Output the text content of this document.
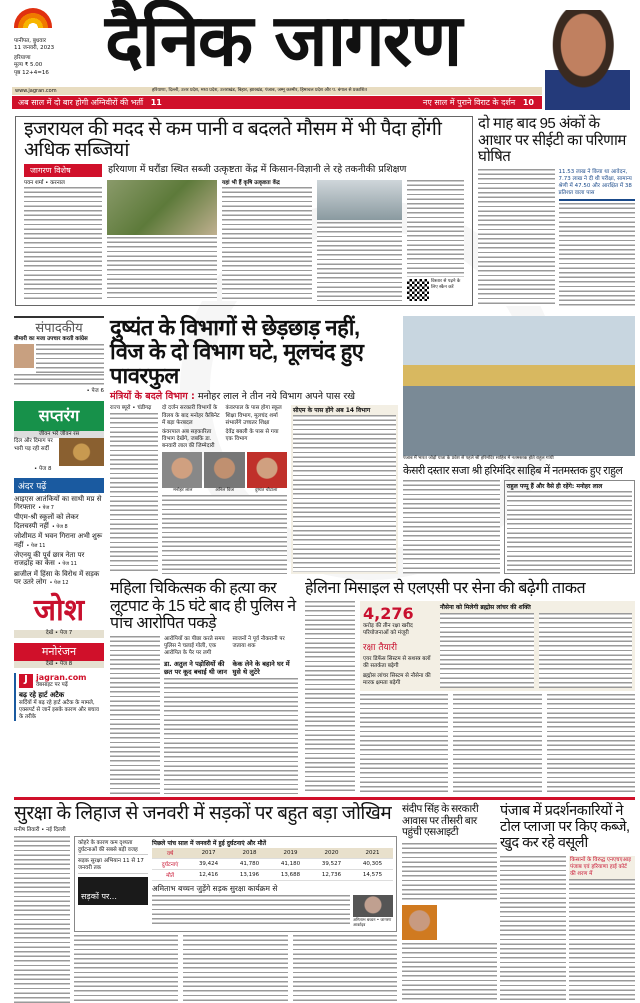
पानीपत, बुधवार
11 जनवरी, 2023
हरियाणा
मूल्य ₹ 5.00
पृष्ठ 12+4=16 दैनिक जागरण
www.jagran.com	हरियाणा, दिल्ली, उत्तर प्रदेश, मध्य प्रदेश, उत्तराखंड, बिहार, झारखंड, पंजाब, जम्मू कश्मीर, हिमाचल प्रदेश और प. बंगाल से प्रकाशित
अब साल में दो बार होगी अग्निवीरों की भर्ती 11	नए साल में पुराने विराट के दर्शन 10
इजरायल की मदद से कम पानी व बदलते मौसम में भी पैदा होंगी अधिक सब्जियां
जागरण विशेष	हरियाणा में घरौंडा स्थित सब्जी उत्कृष्टता केंद्र में किसान-विज्ञानी ले रहे तकनीकी प्रशिक्षण
पवन शर्मा • करनाल	यहां भी हैं कृषि उत्कृष्टता केंद्र
विस्तार से पढ़ने के लिए स्कैन करें
दो माह बाद 95 अंकों के आधार पर सीईटी का परिणाम घोषित
11.53 लाख ने किया था आवेदन, 7.73 लाख ने दी थी परीक्षा, सामान्य श्रेणी में 47.50 और आरक्षित में 38 प्रतिशत वाला पास
संपादकीय
बीमारी का मजा उपचार करती कांग्रेस
• पेज 6
सप्तरंग
जीवन भरे जीवन रस
दिल और दिमाग पर भारी पड़ रही सर्दी
• पेज 8
अंदर पढ़ें
आइएस आतंकियों का साथी मप्र से गिरफ्तार • पेज 7
पीएम-श्री स्कूलों को लेकर दिलचस्पी नहीं • पेज 8
जोशीमठ में भवन गिराना अभी शुरू नहीं • पेज 11
जेएनयू की पूर्व छात्र नेता पर राजद्रोह का केस • पेज 11
ब्राजील में हिंसा के विरोध में सड़क पर उतरे लोग • पेज 12
जोश
देखें • पेज 7
मनोरंजन
देखें • पेज 8
J	jagran.com
वेबसाइट पर पढ़ें
बढ़ रहे हार्ट अटैक
सर्दियों में बढ़ रहे हार्ट अटैक के मामले, एक्सपर्ट से जानें इसके कारण और बचाव के तरीके
दुष्यंत के विभागों से छेड़छाड़ नहीं, विज के दो विभाग घटे, मूलचंद हुए पावरफुल
मंत्रियों के बदले विभाग : मनोहर लाल ने तीन नये विभाग अपने पास रखे
राज्य ब्यूरो • चंडीगढ़	दो दर्जन सरकारी विभागों के विलय के बाद मनोहर कैबिनेट में बड़ा फेरबदल
कंवरपाल के पास होगा स्कूल शिक्षा विभाग, मूलचंद शर्मा संभालेंगे उच्चतर शिक्षा
कंवरपाल अब सहकारिता विभाग देखेंगे, जबकि डा. बनवारी लाल की जिम्मेदारी
देवेंद्र बबली के पास से गया एक विभाग
मनोहर लाल	अनिल विज	दुष्यंत चौटाला
सीएम के पास होंगे अब 14 विभाग
पंजाब में भारत जोड़ो यात्रा के प्रवेश से पहले श्री हरिमंदिर साहिब में नतमस्तक होते राहुल गांधी
केसरी दस्तार सजा श्री हरिमंदिर साहिब में नतमस्तक हुए राहुल
राहुल पप्पू हैं और वैसे ही रहेंगे: मनोहर लाल
महिला चिकित्सक की हत्या कर लूटपाट के 15 घंटे बाद ही पुलिस ने पांच आरोपित पकड़े
आरोपियों का पीछा करते समय पुलिस ने चलाई गोली, एक आरोपित के पैर पर लगी
स्वजनों ने पूर्व नौकरानी पर जताया शक
डा. अतुल ने पड़ोसियों की छत पर कूद बचाई थी जान
केक लेने के बहाने घर में घुसे थे लुटेरे
हेलिना मिसाइल से एलएसी पर सेना की बढ़ेगी ताकत
4,276
करोड़ की तीन रक्षा खरीद परियोजनाओं को मंजूरी
रक्षा तैयारी
एयर डिफेंस सिस्टम से सशस्त्र बलों की सतर्कता बढ़ेगी
ब्रह्मोस लांचर सिस्टम से नौसेना की मारक क्षमता बढ़ेगी
नौसेना को मिलेगी ब्रह्मोस लांचर की शक्ति
सुरक्षा के लिहाज से जनवरी में सड़कों पर बहुत बड़ा जोखिम
मनीष तिवारी • नई दिल्ली
कोहरे के कारण कम दृश्यता दुर्घटनाओं की सबसे बड़ी वजह
सड़क सुरक्षा अभियान 11 से 17 जनवरी तक
सड़कों पर...
पिछले पांच साल में जनवरी में हुई दुर्घटनाएं और मौतें
वर्ष	2017	2018	2019	2020	2021
दुर्घटनाएं	39,424	41,780	41,180	39,527	40,305
मौतें	12,416	13,196	13,688	12,736	14,575
अमिताभ बच्चन जुड़ेंगे सड़क सुरक्षा कार्यक्रम से
अमिताभ बच्चन • जागरण आर्काइव
संदीप सिंह के सरकारी आवास पर तीसरी बार पहुंची एसआइटी
पंजाब में प्रदर्शनकारियों ने टोल प्लाजा पर किए कब्जे, खुद कर रहे वसूली
किसानों के विरुद्ध एनएचएआइ पंजाब एवं हरियाणा हाई कोर्ट की शरण में
